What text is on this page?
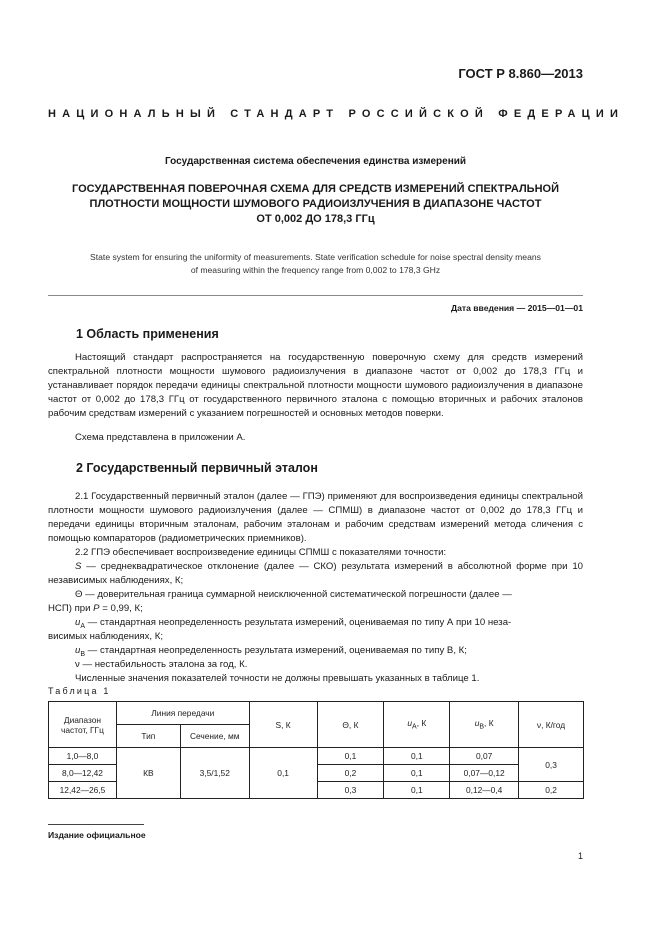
ГОСТ Р 8.860—2013
НАЦИОНАЛЬНЫЙ СТАНДАРТ РОССИЙСКОЙ ФЕДЕРАЦИИ
Государственная система обеспечения единства измерений
ГОСУДАРСТВЕННАЯ ПОВЕРОЧНАЯ СХЕМА ДЛЯ СРЕДСТВ ИЗМЕРЕНИЙ СПЕКТРАЛЬНОЙ
ПЛОТНОСТИ МОЩНОСТИ ШУМОВОГО РАДИОИЗЛУЧЕНИЯ В ДИАПАЗОНЕ ЧАСТОТ
ОТ 0,002 ДО 178,3 ГГц
State system for ensuring the uniformity of measurements. State verification schedule for noise spectral density means
of measuring within the frequency range from 0,002 to 178,3 GHz
Дата введения — 2015—01—01
1 Область применения
Настоящий стандарт распространяется на государственную поверочную схему для средств измерений спектральной плотности мощности шумового радиоизлучения в диапазоне частот от 0,002 до 178,3 ГГц и устанавливает порядок передачи единицы спектральной плотности мощности шумового радиоизлучения в диапазоне частот от 0,002 до 178,3 ГГц от государственного первичного эталона с помощью вторичных и рабочих эталонов рабочим средствам измерений с указанием погрешностей и основных методов поверки.
Схема представлена в приложении А.
2 Государственный первичный эталон
2.1 Государственный первичный эталон (далее — ГПЭ) применяют для воспроизведения единицы спектральной плотности мощности шумового радиоизлучения (далее — СПМШ) в диапазоне частот от 0,002 до 178,3 ГГц и передачи единицы вторичным эталонам, рабочим эталонам и рабочим средствам измерений метода сличения с помощью компараторов (радиометрических приемников).
2.2 ГПЭ обеспечивает воспроизведение единицы СПМШ с показателями точности:
S — среднеквадратическое отклонение (далее — СКО) результата измерений в абсолютной форме при 10 независимых наблюдениях, К;
Θ — доверительная граница суммарной неисключенной систематической погрешности (далее —
НСП) при P = 0,99, К;
$u_A$ — стандартная неопределенность результата измерений, оцениваемая по типу А при 10 неза-
висимых наблюдениях, К;
$u_B$ — стандартная неопределенность результата измерений, оцениваемая по типу В, К;
ν — нестабильность эталона за год, К.
Численные значения показателей точности не должны превышать указанных в таблице 1.
Таблица 1
Диапазон частот, ГГц	Линия передачи		S, К	Θ, К	$u_A$, К	$u_B$, К	ν, К/год
	Тип	Сечение, мм					
1,0—8,0	КВ	3,5/1,52	0,1	0,1	0,1	0,07	0,3
8,0—12,42				0,2	0,1	0,07—0,12	
12,42—26,5				0,3	0,1	0,12—0,4	0,2
Издание официальное
1
